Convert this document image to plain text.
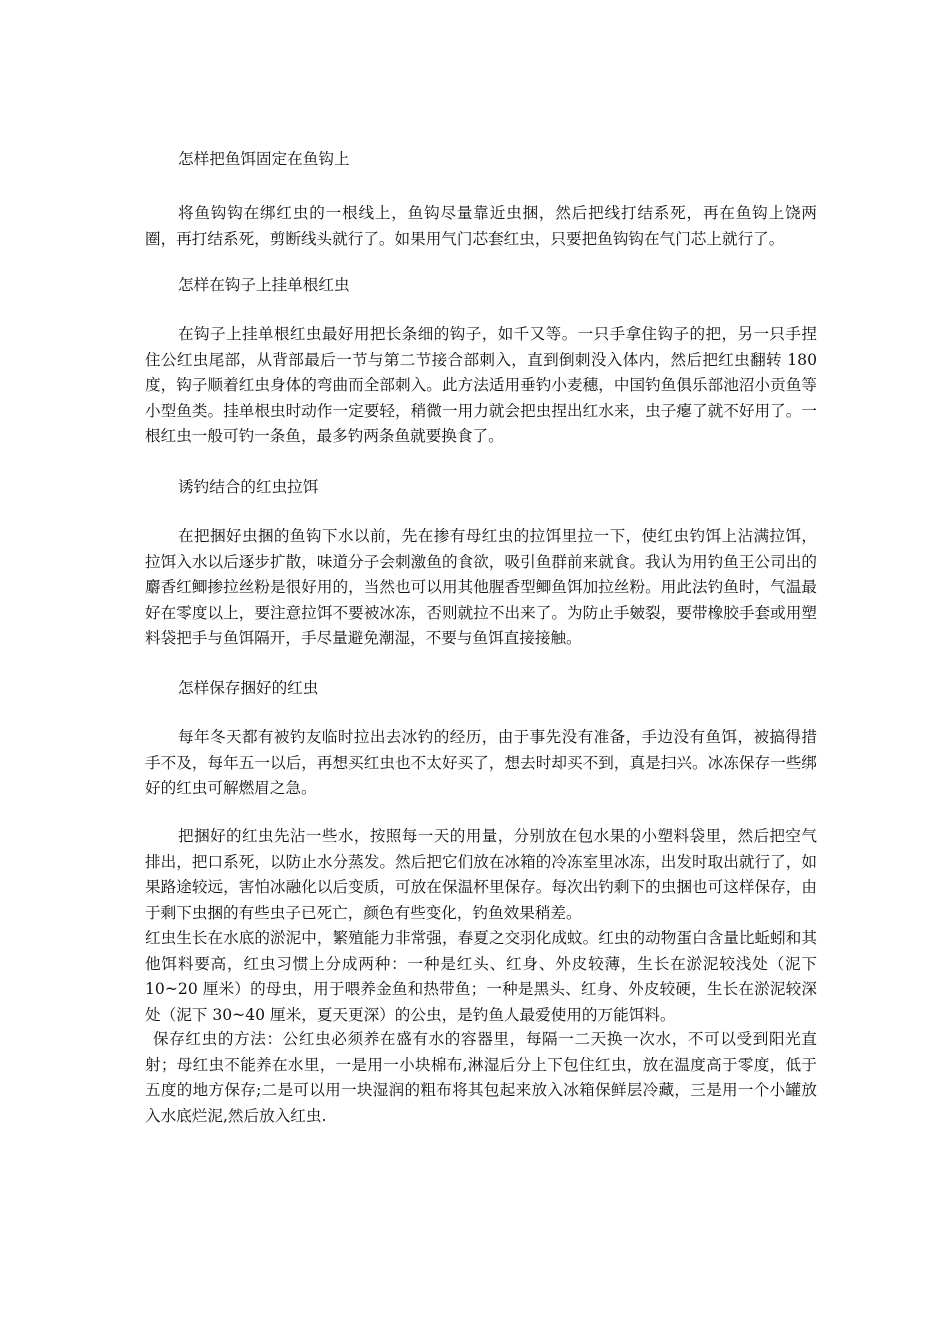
怎样把鱼饵固定在鱼钩上

将鱼钩钩在绑红虫的一根线上，鱼钩尽量靠近虫捆，然后把线打结系死，再在鱼钩上饶两圈，再打结系死，剪断线头就行了。如果用气门芯套红虫，只要把鱼钩钩在气门芯上就行了。

怎样在钩子上挂单根红虫

在钩子上挂单根红虫最好用把长条细的钩子，如千又等。一只手拿住钩子的把，另一只手捏住公红虫尾部，从背部最后一节与第二节接合部刺入，直到倒刺没入体内，然后把红虫翻转 180 度，钩子顺着红虫身体的弯曲而全部刺入。此方法适用垂钓小麦穗，中国钓鱼俱乐部池沼小贡鱼等小型鱼类。挂单根虫时动作一定要轻，稍微一用力就会把虫捏出红水来，虫子瘪了就不好用了。一根红虫一般可钓一条鱼，最多钓两条鱼就要换食了。

诱钓结合的红虫拉饵

在把捆好虫捆的鱼钩下水以前，先在掺有母红虫的拉饵里拉一下，使红虫钓饵上沾满拉饵，拉饵入水以后逐步扩散，味道分子会刺激鱼的食欲，吸引鱼群前来就食。我认为用钓鱼王公司出的麝香红鲫掺拉丝粉是很好用的，当然也可以用其他腥香型鲫鱼饵加拉丝粉。用此法钓鱼时，气温最好在零度以上，要注意拉饵不要被冰冻，否则就拉不出来了。为防止手皴裂，要带橡胶手套或用塑料袋把手与鱼饵隔开，手尽量避免潮湿，不要与鱼饵直接接触。

怎样保存捆好的红虫

每年冬天都有被钓友临时拉出去冰钓的经历，由于事先没有准备，手边没有鱼饵，被搞得措手不及，每年五一以后，再想买红虫也不太好买了，想去时却买不到，真是扫兴。冰冻保存一些绑好的红虫可解燃眉之急。

把捆好的红虫先沾一些水，按照每一天的用量，分别放在包水果的小塑料袋里，然后把空气排出，把口系死，以防止水分蒸发。然后把它们放在冰箱的冷冻室里冰冻，出发时取出就行了，如果路途较远，害怕冰融化以后变质，可放在保温杯里保存。每次出钓剩下的虫捆也可这样保存，由于剩下虫捆的有些虫子已死亡，颜色有些变化，钓鱼效果稍差。

红虫生长在水底的淤泥中，繁殖能力非常强，春夏之交羽化成蚊。红虫的动物蛋白含量比蚯蚓和其他饵料要高，红虫习惯上分成两种：一种是红头、红身、外皮较薄，生长在淤泥较浅处（泥下 10~20 厘米）的母虫，用于喂养金鱼和热带鱼；一种是黑头、红身、外皮较硬，生长在淤泥较深处（泥下 30~40 厘米，夏天更深）的公虫，是钓鱼人最爱使用的万能饵料。

保存红虫的方法：公红虫必须养在盛有水的容器里，每隔一二天换一次水，不可以受到阳光直射；母红虫不能养在水里，一是用一小块棉布,淋湿后分上下包住红虫，放在温度高于零度，低于五度的地方保存;二是可以用一块湿润的粗布将其包起来放入冰箱保鲜层冷藏，三是用一个小罐放入水底烂泥,然后放入红虫.
